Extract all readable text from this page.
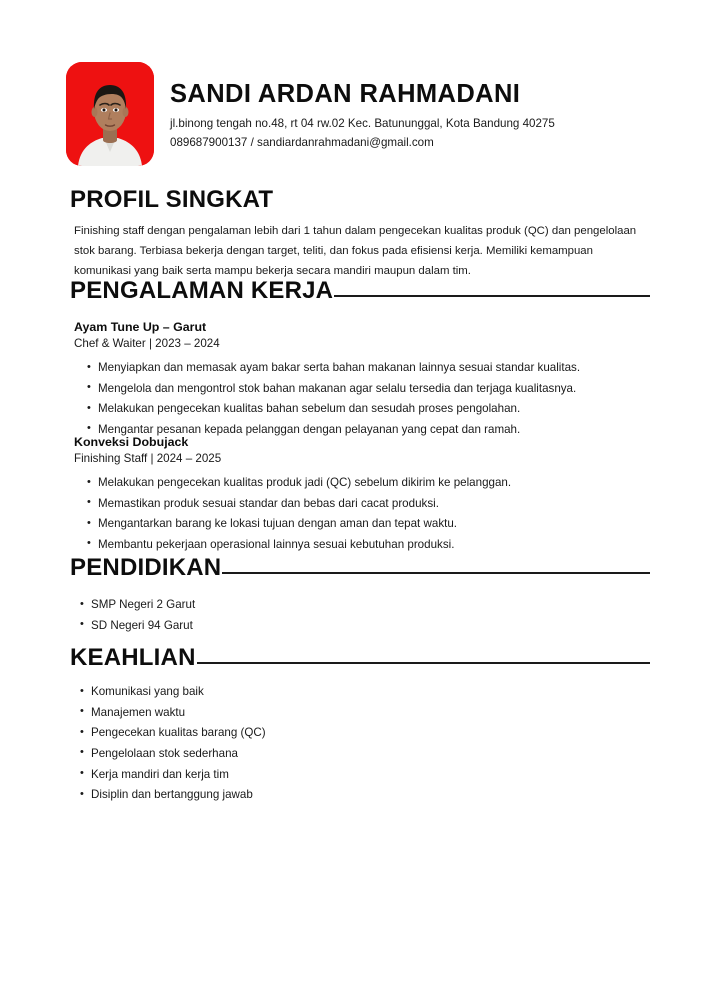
SANDI ARDAN RAHMADANI
jl.binong tengah no.48, rt 04 rw.02 Kec. Batununggal, Kota Bandung 40275
089687900137 / sandiardanrahmadani@gmail.com
PROFIL SINGKAT
Finishing staff dengan pengalaman lebih dari 1 tahun dalam pengecekan kualitas produk (QC) dan pengelolaan stok barang. Terbiasa bekerja dengan target, teliti, dan fokus pada efisiensi kerja. Memiliki kemampuan komunikasi yang baik serta mampu bekerja secara mandiri maupun dalam tim.
PENGALAMAN KERJA
Ayam Tune Up – Garut
Chef & Waiter | 2023 – 2024
• Menyiapkan dan memasak ayam bakar serta bahan makanan lainnya sesuai standar kualitas.
• Mengelola dan mengontrol stok bahan makanan agar selalu tersedia dan terjaga kualitasnya.
• Melakukan pengecekan kualitas bahan sebelum dan sesudah proses pengolahan.
• Mengantar pesanan kepada pelanggan dengan pelayanan yang cepat dan ramah.
Konveksi Dobujack
Finishing Staff | 2024 – 2025
• Melakukan pengecekan kualitas produk jadi (QC) sebelum dikirim ke pelanggan.
• Memastikan produk sesuai standar dan bebas dari cacat produksi.
• Mengantarkan barang ke lokasi tujuan dengan aman dan tepat waktu.
• Membantu pekerjaan operasional lainnya sesuai kebutuhan produksi.
PENDIDIKAN
• SMP Negeri 2 Garut
• SD Negeri 94 Garut
KEAHLIAN
• Komunikasi yang baik
• Manajemen waktu
• Pengecekan kualitas barang (QC)
• Pengelolaan stok sederhana
• Kerja mandiri dan kerja tim
• Disiplin dan bertanggung jawab
